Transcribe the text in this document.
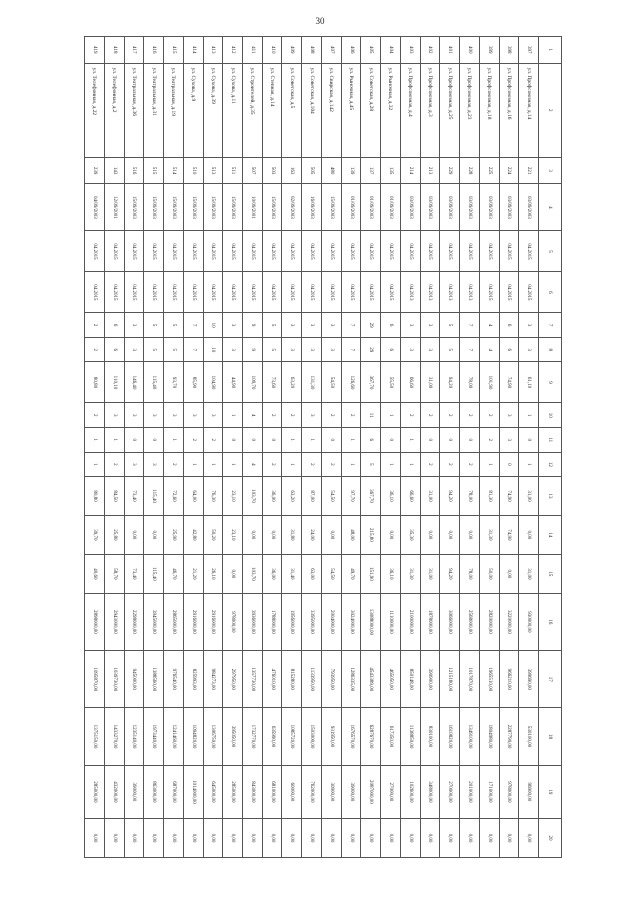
30
1	2	3	4	5	6	7	8	9	10	11	12	13	14	15	16	17	18	19	20
397	ул. Профсоюзная, д.14	221	03/09/2003	04.2015	04.2015	3	3	61,10	1	0	1	31,00	0,00	31,00	930000,00	399690,00	530100,00	96900,00	0,00
398	ул. Профсоюзная, д.16	224	03/09/2003	04.2015	04.2015	6	6	74,90	3	3	0	74,90	74,90	0,00	3220000,00	966210,00	2287790,00	978000,00	0,00
399	ул. Профсоюзная, д.18	225	03/09/2003	04.2015	04.2015	4	4	101,90	2	2	1	81,30	31,30	50,00	2820000,00	1965510,00	1804980,00	171000,00	0,00
400	ул. Профсоюзная, д.23	228	03/09/2003	04.2015	04.2013	7	7	78,00	2	0	2	78,00	0,00	78,00	2568000,00	1017870,00	1349100,00	201000,00	0,00
401	ул. Профсоюзная, д.25	229	03/09/2003	04.2015	04.2013	5	5	94,20	2	0	2	94,20	0,00	94,20	3066000,00	1215180,00	1610820,00	270000,00	0,00
402	ул. Профсоюзная, д.3	213	03/09/2003	04.2015	04.2013	3	3	31,00	2	0	2	31,00	0,00	31,00	1878000,00	390900,00	830100,00	348000,00	0,00
403	ул. Профсоюзная, д.4	214	03/09/2003	04.2015	04.2013	3	3	66,60	2	1	1	66,60	35,30	31,30	2100000,00	850148,00	1138850,00	102600,00	0,00
404	ул. Рыночная, д.32	135	01/09/2003	04.2015	04.2015	6	6	55,50	1	0	1	36,10	0,00	36,10	1110000,00	465050,00	617350,00	27000,00	0,00
405	ул. Советская, д.28	137	01/09/2003	04.2015	04.2015	29	29	367,70	11	6	5	367,70	215,80	151,90	13088000,00	4543389,00	6287670,00	2087000,00	0,00
406	ул. Рыночная, д.45	139	01/09/2003	04.2015	04.2015	7	7	126,60	2	1	1	97,70	48,00	49,70	3024000,00	1286335,00	1676570,00	39000,00	0,00
407	ул. Свирская, д.142	480	15/09/2003	04.2015	04.2015	3	3	54,50	2	0	2	54,50	0,00	54,50	2004000,00	793950,00	931950,00	30900,00	0,00
408	ул. Советская, д.104	505	16/09/2003	04.2015	04.2015	3	3	131,30	3	1	2	87,00	24,00	63,00	3395000,00	1133950,00	1503000,00	762000,00	0,00
409	ул. Советская, д.5	163	02/09/2003	04.2015	04.2015	3	3	63,20	2	1	1	63,20	31,80	31,40	1956000,00	815280,00	1085720,00	60000,00	0,00
410	ул. Степная, д.14	503	15/09/2003	04.2015	04.2015	5	5	73,60	2	0	2	36,00	0,00	36,00	1788000,00	476010,00	635990,00	681000,00	0,00
411	ул. Строителей, д.35	507	10/09/2001	04.2015	04.2015	9	9	109,70	4	0	4	103,70	0,00	103,70	3936000,00	1357730,00	1732770,00	843000,00	0,00
412	ул. Сухова, д.11	511	15/09/2003	04.2015	04.2015	3	3	44,90	1	0	1	23,10	23,10	0,00	978000,00	297950,00	395050,00	285000,00	0,00
413	ул. Сухова, д.39	513	15/09/2003	04.2015	04.2015	10	10	104,90	3	2	1	76,30	50,20	26,10	2916000,00	984273,00	1306750,00	645000,00	0,00
414	ул. Сухова, д.9	510	15/09/2003	04.2015	04.2015	7	7	85,90	3	2	1	64,00	42,80	21,20	2916000,00	825993,00	1094820,00	1014000,00	0,00
415	ул. Театральная, д.19	514	15/09/2003	04.2015	04.2015	5	5	93,70	3	1	2	72,60	25,90	46,70	2865000,00	976540,00	1241460,00	687000,00	0,00
416	ул. Театральная, д.31	515	15/09/2003	04.2015	04.2015	5	5	115,40	3	0	3	115,40	0,00	115,40	3945000,00	1388560,00	1973440,00	863000,00	0,00
417	ул. Театральная, д.36	516	15/09/2003	04.2015	04.2015	3	3	146,40	3	0	3	73,40	0,00	73,40	2298000,00	945000,00	1235140,00	39000,00	0,00
418	ул. Телефонная, д.2	143	12/09/2001	04.2015	04.2015	6	6	110,10	3	1	2	84,50	25,80	58,70	2943000,00	1039730,00	1433270,00	432000,00	0,00
419	ул. Телефонная, д.22	239	04/09/2003	04.2015	04.2015	2	2	80,80	2	1	1	80,80	39,70	40,60	2898000,00	1095870,00	1375150,00	285000,00	0,00
